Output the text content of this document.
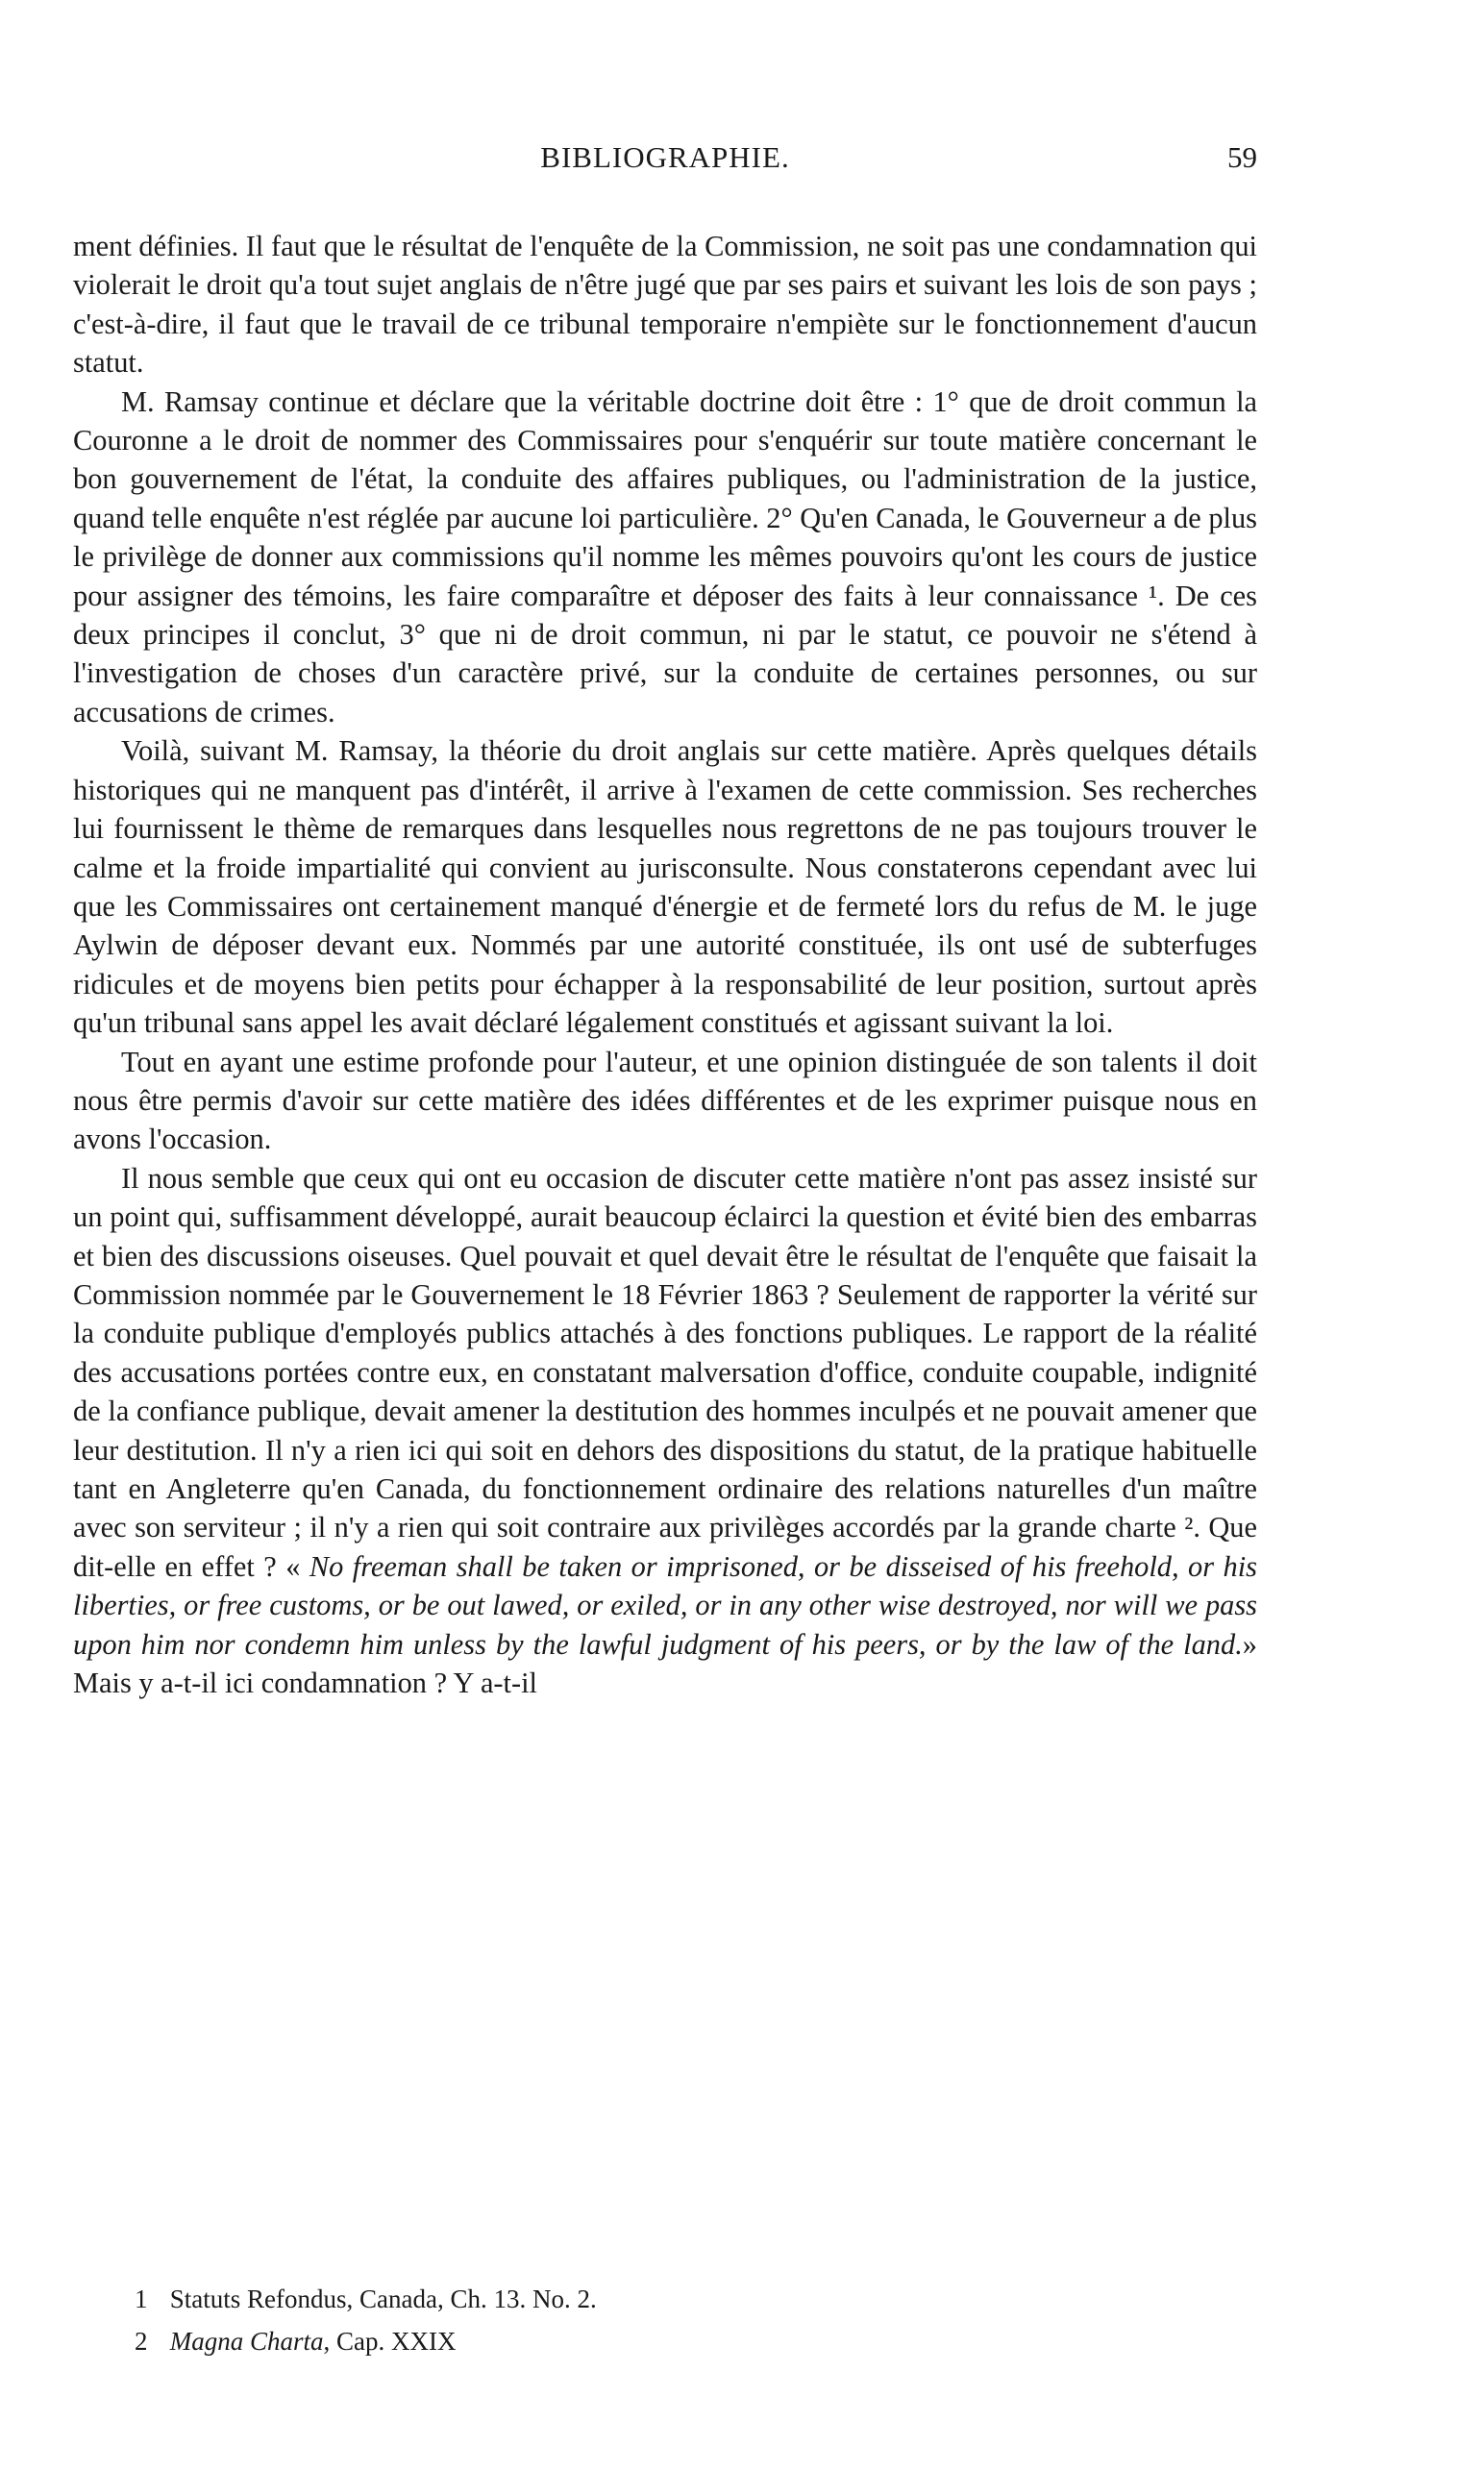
BIBLIOGRAPHIE.	59

ment définies. Il faut que le résultat de l'enquête de la Commission, ne soit pas une condamnation qui violerait le droit qu'a tout sujet anglais de n'être jugé que par ses pairs et suivant les lois de son pays ; c'est-à-dire, il faut que le travail de ce tribunal temporaire n'empiète sur le fonctionnement d'aucun statut.

M. Ramsay continue et déclare que la véritable doctrine doit être : 1° que de droit commun la Couronne a le droit de nommer des Commissaires pour s'enquérir sur toute matière concernant le bon gouvernement de l'état, la conduite des affaires publiques, ou l'administration de la justice, quand telle enquête n'est réglée par aucune loi particulière. 2° Qu'en Canada, le Gouverneur a de plus le privilège de donner aux commissions qu'il nomme les mêmes pouvoirs qu'ont les cours de justice pour assigner des témoins, les faire comparaître et déposer des faits à leur connaissance ¹. De ces deux principes il conclut, 3° que ni de droit commun, ni par le statut, ce pouvoir ne s'étend à l'investigation de choses d'un caractère privé, sur la conduite de certaines personnes, ou sur accusations de crimes.

Voilà, suivant M. Ramsay, la théorie du droit anglais sur cette matière. Après quelques détails historiques qui ne manquent pas d'intérêt, il arrive à l'examen de cette commission. Ses recherches lui fournissent le thème de remarques dans lesquelles nous regrettons de ne pas toujours trouver le calme et la froide impartialité qui convient au jurisconsulte. Nous constaterons cependant avec lui que les Commissaires ont certainement manqué d'énergie et de fermeté lors du refus de M. le juge Aylwin de déposer devant eux. Nommés par une autorité constituée, ils ont usé de subterfuges ridicules et de moyens bien petits pour échapper à la responsabilité de leur position, surtout après qu'un tribunal sans appel les avait déclaré légalement constitués et agissant suivant la loi.

Tout en ayant une estime profonde pour l'auteur, et une opinion distinguée de son talents il doit nous être permis d'avoir sur cette matière des idées différentes et de les exprimer puisque nous en avons l'occasion.

Il nous semble que ceux qui ont eu occasion de discuter cette matière n'ont pas assez insisté sur un point qui, suffisamment développé, aurait beaucoup éclairci la question et évité bien des embarras et bien des discussions oiseuses. Quel pouvait et quel devait être le résultat de l'enquête que faisait la Commission nommée par le Gouvernement le 18 Février 1863 ? Seulement de rapporter la vérité sur la conduite publique d'employés publics attachés à des fonctions publiques. Le rapport de la réalité des accusations portées contre eux, en constatant malversation d'office, conduite coupable, indignité de la confiance publique, devait amener la destitution des hommes inculpés et ne pouvait amener que leur destitution. Il n'y a rien ici qui soit en dehors des dispositions du statut, de la pratique habituelle tant en Angleterre qu'en Canada, du fonctionnement ordinaire des relations naturelles d'un maître avec son serviteur ; il n'y a rien qui soit contraire aux privilèges accordés par la grande charte ². Que dit-elle en effet ? « No freeman shall be taken or imprisoned, or be disseised of his freehold, or his liberties, or free customs, or be out lawed, or exiled, or in any other wise destroyed, nor will we pass upon him nor condemn him unless by the lawful judgment of his peers, or by the law of the land.» Mais y a-t-il ici condamnation ? Y a-t-il

1 Statuts Refondus, Canada, Ch. 13. No. 2.

2 Magna Charta, Cap. XXIX
